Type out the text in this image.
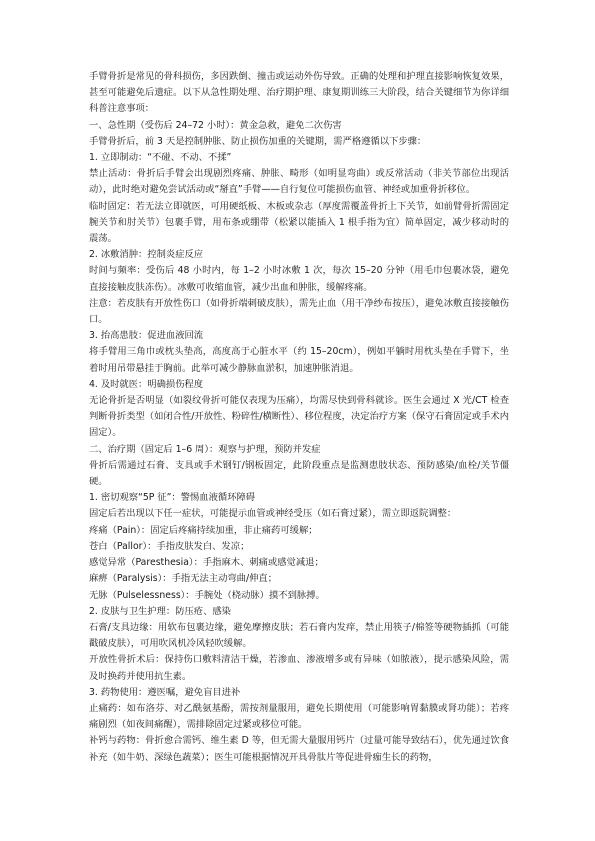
手臂骨折是常见的骨科损伤，多因跌倒、撞击或运动外伤导致。正确的处理和护理直接影响恢复效果，甚至可能避免后遗症。以下从急性期处理、治疗期护理、康复期训练三大阶段，结合关键细节为你详细科普注意事项：

一、急性期（受伤后 24–72 小时）：黄金急救，避免二次伤害

手臂骨折后，前 3 天是控制肿胀、防止损伤加重的关键期，需严格遵循以下步骤：

1. 立即制动：“不碰、不动、不揉”

禁止活动：骨折后手臂会出现剧烈疼痛、肿胀、畸形（如明显弯曲）或反常活动（非关节部位出现活动），此时绝对避免尝试活动或“掰直”手臂——自行复位可能损伤血管、神经或加重骨折移位。

临时固定：若无法立即就医，可用硬纸板、木板或杂志（厚度需覆盖骨折上下关节，如前臂骨折需固定腕关节和肘关节）包裹手臂，用布条或绷带（松紧以能插入 1 根手指为宜）简单固定，减少移动时的震荡。

2. 冰敷消肿：控制炎症反应

时间与频率：受伤后 48 小时内，每 1–2 小时冰敷 1 次，每次 15–20 分钟（用毛巾包裹冰袋，避免直接接触皮肤冻伤）。冰敷可收缩血管，减少出血和肿胀，缓解疼痛。

注意：若皮肤有开放性伤口（如骨折端刺破皮肤），需先止血（用干净纱布按压），避免冰敷直接接触伤口。

3. 抬高患肢：促进血液回流

将手臂用三角巾或枕头垫高，高度高于心脏水平（约 15–20cm），例如平躺时用枕头垫在手臂下，坐着时用吊带悬挂于胸前。此举可减少静脉血淤积，加速肿胀消退。

4. 及时就医：明确损伤程度

无论骨折是否明显（如裂纹骨折可能仅表现为压痛），均需尽快到骨科就诊。医生会通过 X 光/CT 检查判断骨折类型（如闭合性/开放性、粉碎性/横断性）、移位程度，决定治疗方案（保守石膏固定或手术内固定）。

二、治疗期（固定后 1–6 周）：观察与护理，预防并发症

骨折后需通过石膏、支具或手术钢钉/钢板固定，此阶段重点是监测患肢状态、预防感染/血栓/关节僵硬。

1. 密切观察“5P 征”：警惕血液循环障碍

固定后若出现以下任一症状，可能提示血管或神经受压（如石膏过紧），需立即返院调整：

疼痛（Pain）：固定后疼痛持续加重，非止痛药可缓解；

苍白（Pallor）：手指皮肤发白、发凉；

感觉异常（Paresthesia）：手指麻木、刺痛或感觉减退；

麻痹（Paralysis）：手指无法主动弯曲/伸直；

无脉（Pulselessness）：手腕处（桡动脉）摸不到脉搏。

2. 皮肤与卫生护理：防压疮、感染

石膏/支具边缘：用软布包裹边缘，避免摩擦皮肤；若石膏内发痒，禁止用筷子/棉签等硬物插抓（可能戳破皮肤），可用吹风机冷风轻吹缓解。

开放性骨折术后：保持伤口敷料清洁干燥，若渗血、渗液增多或有异味（如脓液），提示感染风险，需及时换药并使用抗生素。

3. 药物使用：遵医嘱，避免盲目进补

止痛药：如布洛芬、对乙酰氨基酚，需按剂量服用，避免长期使用（可能影响胃黏膜或肾功能）；若疼痛剧烈（如夜间痛醒），需排除固定过紧或移位可能。

补钙与药物：骨折愈合需钙、维生素 D 等，但无需大量服用钙片（过量可能导致结石），优先通过饮食补充（如牛奶、深绿色蔬菜）；医生可能根据情况开具骨肽片等促进骨痂生长的药物，
